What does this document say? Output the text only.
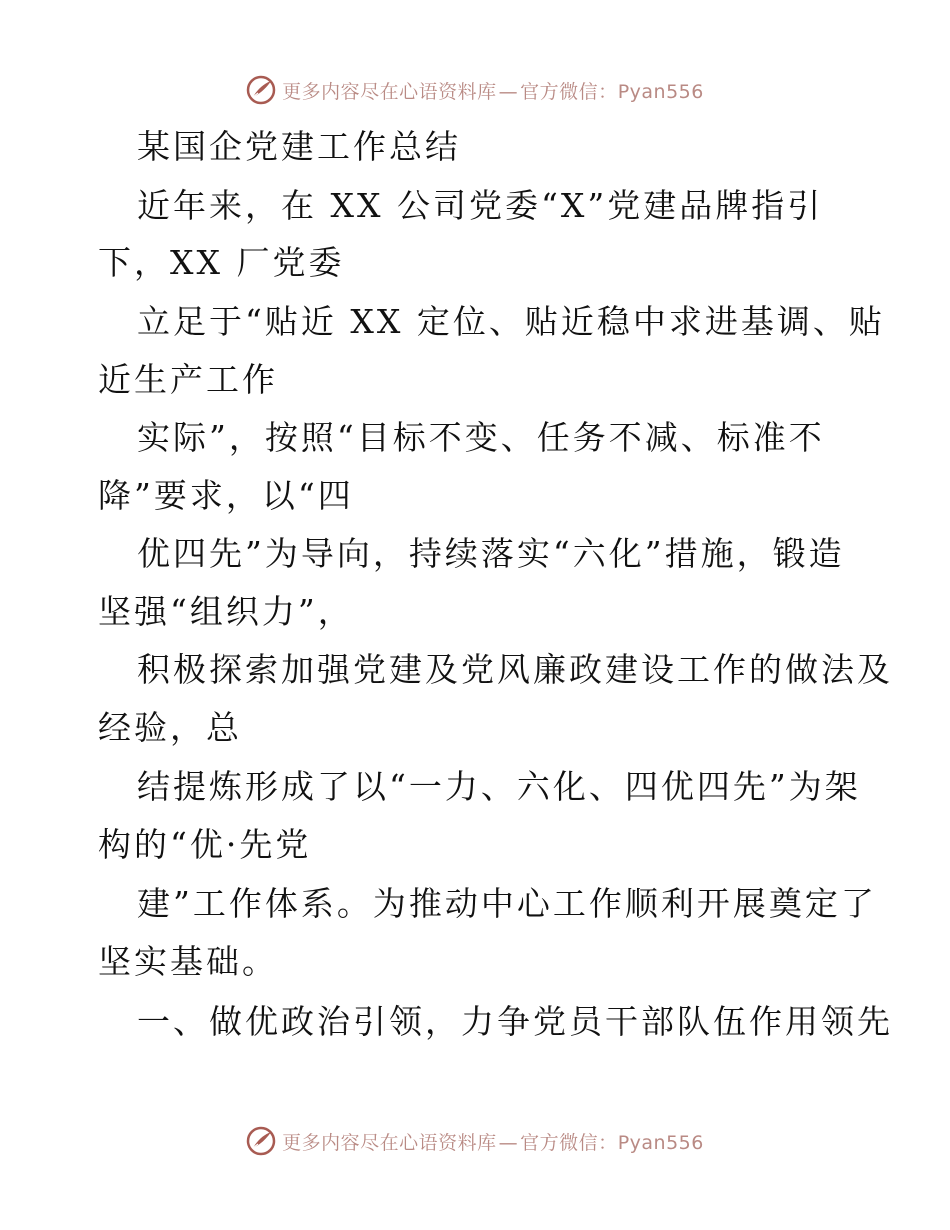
更多内容尽在心语资料库 — 官方微信：Pyan556
某国企党建工作总结
近年来，在 XX 公司党委“X”党建品牌指引
下，XX 厂党委
立足于“贴近 XX 定位、贴近稳中求进基调、贴
近生产工作
实际”，按照“目标不变、任务不减、标准不
降”要求，以“四
优四先”为导向，持续落实“六化”措施，锻造
坚强“组织力”，
积极探索加强党建及党风廉政建设工作的做法及
经验，总
结提炼形成了以“一力、六化、四优四先”为架
构的“优·先党
建”工作体系。为推动中心工作顺利开展奠定了
坚实基础。
一、做优政治引领，力争党员干部队伍作用领先
更多内容尽在心语资料库 — 官方微信：Pyan556
